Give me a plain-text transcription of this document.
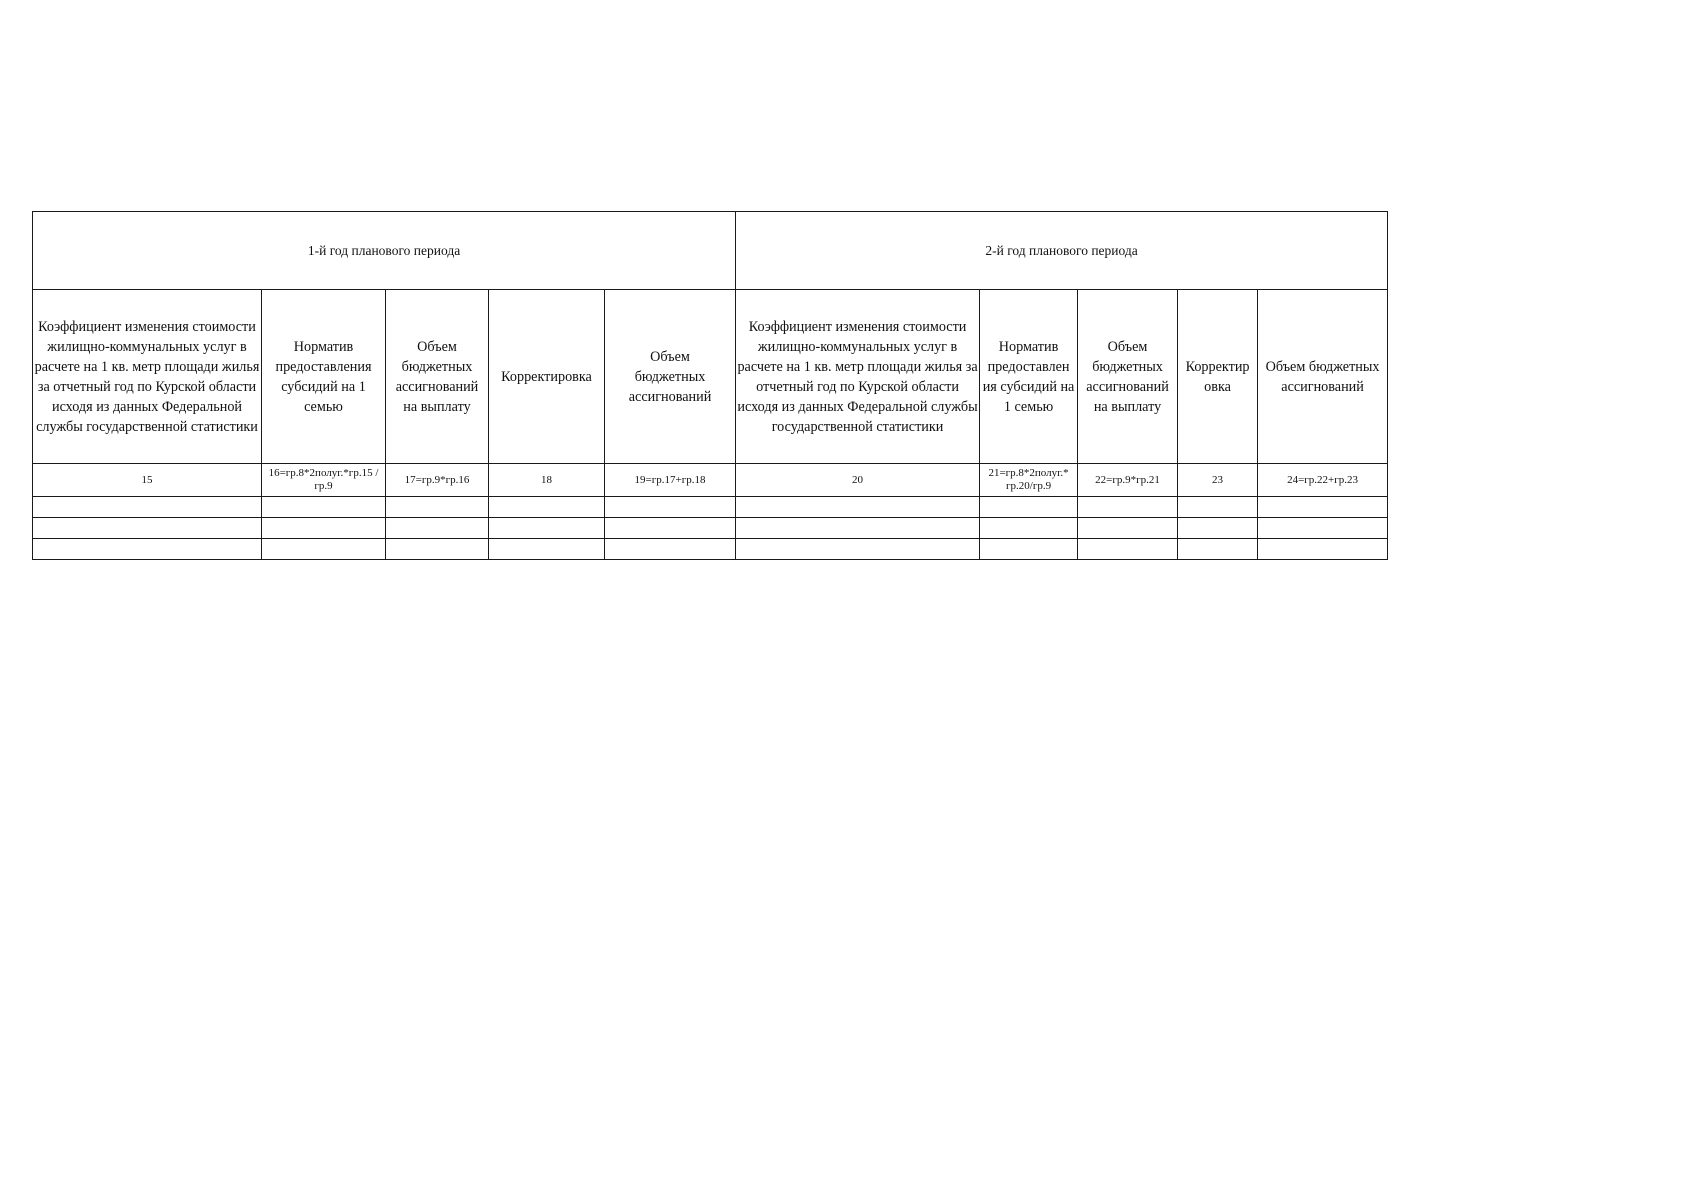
1-й год планового периода					2-й год планового периода				
Коэффициент изменения стоимости жилищно-коммунальных услуг в расчете на 1 кв. метр площади жилья за отчетный год по Курской области исходя из данных Федеральной службы государственной статистики	Норматив предоставления субсидий на 1 семью	Объем бюджетных ассигнований на выплату	Корректировка	Объем бюджетных ассигнований	Коэффициент изменения стоимости жилищно-коммунальных услуг в расчете на 1 кв. метр площади жилья за отчетный год по Курской области исходя из данных Федеральной службы государственной статистики	Норматив предоставлен ия субсидий на 1 семью	Объем бюджетных ассигнований на выплату	Корректир овка	Объем бюджетных ассигнований
15	16=гр.8*2полуг.*гр.15 /гр.9	17=гр.9*гр.16	18	19=гр.17+гр.18	20	21=гр.8*2полуг.* гр.20/гр.9	22=гр.9*гр.21	23	24=гр.22+гр.23
